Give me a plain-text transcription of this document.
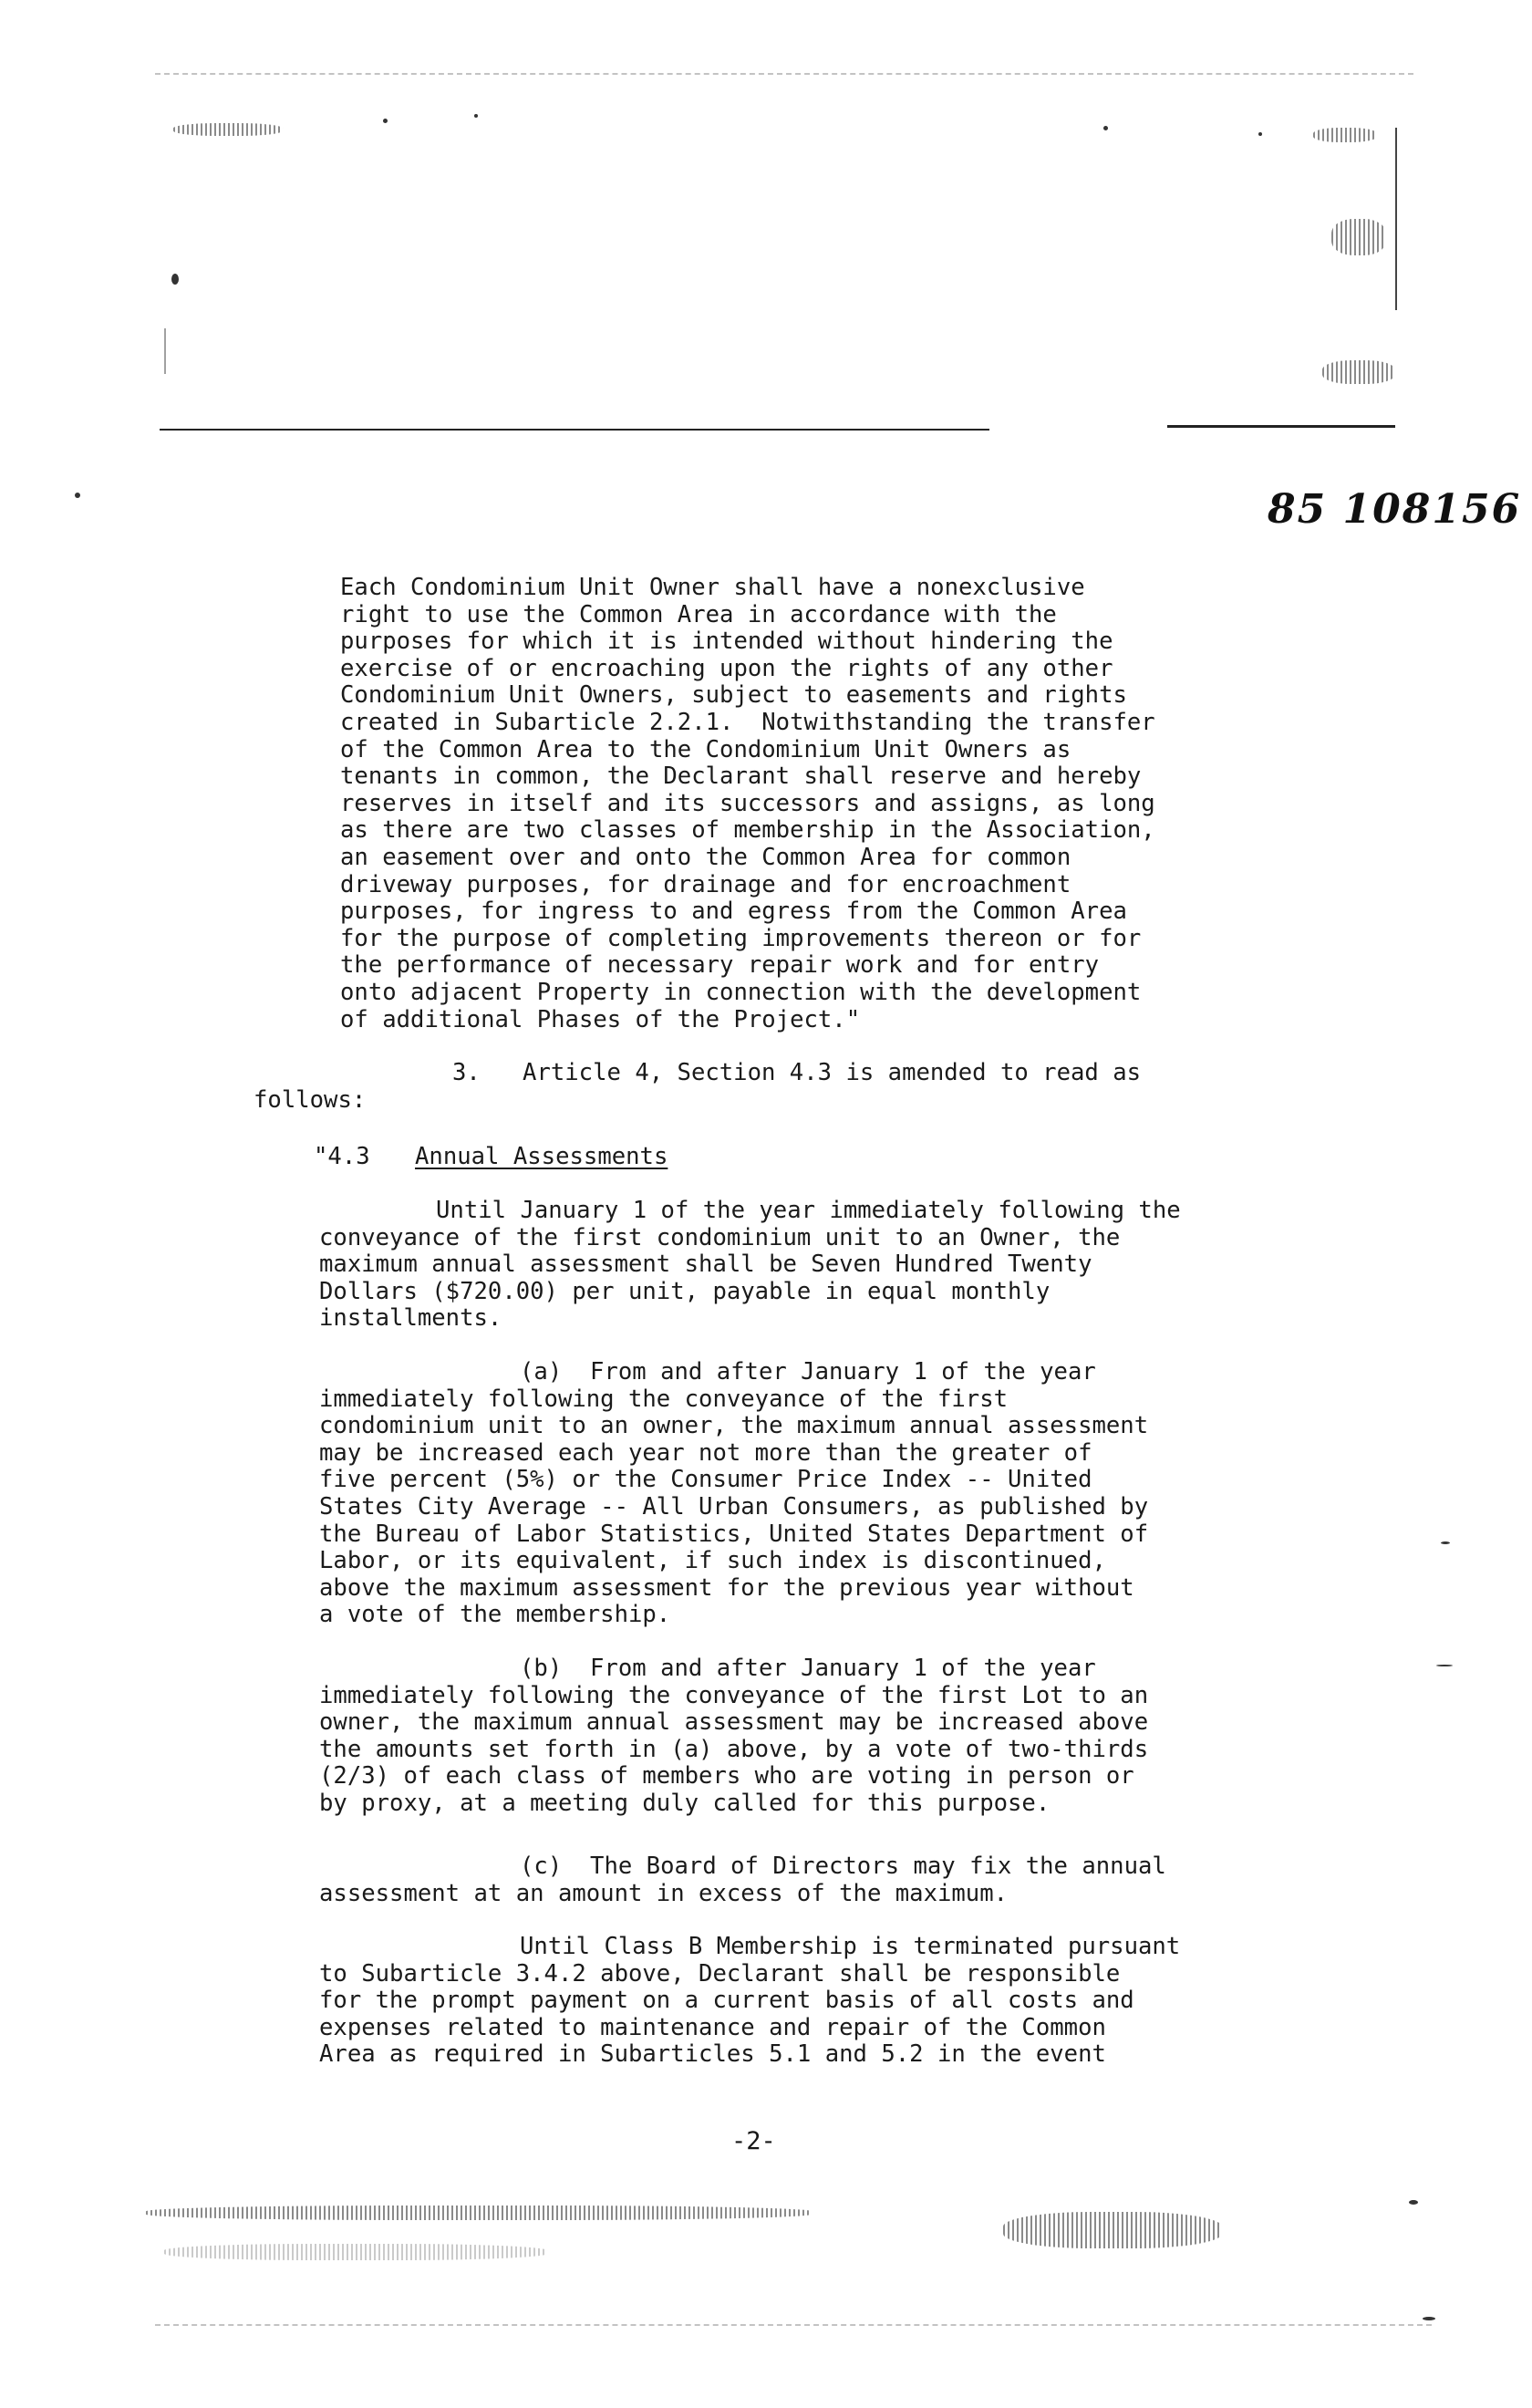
85 108156
Each Condominium Unit Owner shall have a nonexclusive
right to use the Common Area in accordance with the
purposes for which it is intended without hindering the
exercise of or encroaching upon the rights of any other
Condominium Unit Owners, subject to easements and rights
created in Subarticle 2.2.1.  Notwithstanding the transfer
of the Common Area to the Condominium Unit Owners as
tenants in common, the Declarant shall reserve and hereby
reserves in itself and its successors and assigns, as long
as there are two classes of membership in the Association,
an easement over and onto the Common Area for common
driveway purposes, for drainage and for encroachment
purposes, for ingress to and egress from the Common Area
for the purpose of completing improvements thereon or for
the performance of necessary repair work and for entry
onto adjacent Property in connection with the development
of additional Phases of the Project."
3.   Article 4, Section 4.3 is amended to read as
follows:
"4.3 Annual Assessments
Until January 1 of the year immediately following the
conveyance of the first condominium unit to an Owner, the
maximum annual assessment shall be Seven Hundred Twenty
Dollars ($720.00) per unit, payable in equal monthly
installments.
(a)  From and after January 1 of the year
immediately following the conveyance of the first
condominium unit to an owner, the maximum annual assessment
may be increased each year not more than the greater of
five percent (5%) or the Consumer Price Index -- United
States City Average -- All Urban Consumers, as published by
the Bureau of Labor Statistics, United States Department of
Labor, or its equivalent, if such index is discontinued,
above the maximum assessment for the previous year without
a vote of the membership.
(b)  From and after January 1 of the year
immediately following the conveyance of the first Lot to an
owner, the maximum annual assessment may be increased above
the amounts set forth in (a) above, by a vote of two-thirds
(2/3) of each class of members who are voting in person or
by proxy, at a meeting duly called for this purpose.
(c)  The Board of Directors may fix the annual
assessment at an amount in excess of the maximum.
Until Class B Membership is terminated pursuant
to Subarticle 3.4.2 above, Declarant shall be responsible
for the prompt payment on a current basis of all costs and
expenses related to maintenance and repair of the Common
Area as required in Subarticles 5.1 and 5.2 in the event
-2-
